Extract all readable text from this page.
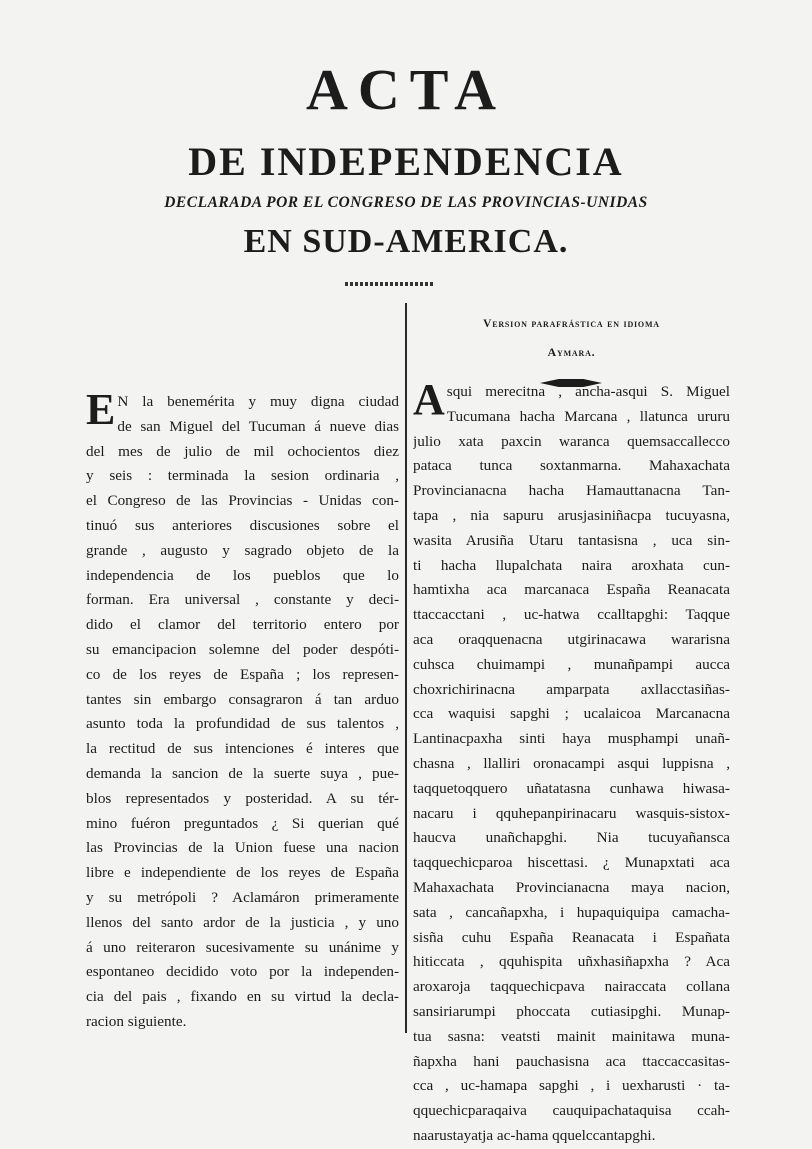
ACTA
DE INDEPENDENCIA
DECLARADA POR EL CONGRESO DE LAS PROVINCIAS-UNIDAS
EN SUD-AMERICA.
E N la benemérita y muy digna ciudad
de san Miguel del Tucuman á nueve dias
del mes de julio de mil ochocientos diez
y seis : terminada la sesion ordinaria ,
el Congreso de las Provincias - Unidas con-
tinuó sus anteriores discusiones sobre el
grande , augusto y sagrado objeto de la
independencia de los pueblos que lo
forman. Era universal , constante y deci-
dido el clamor del territorio entero por
su emancipacion solemne del poder despóti-
co de los reyes de España ; los represen-
tantes sin embargo consagraron á tan arduo
asunto toda la profundidad de sus talentos ,
la rectitud de sus intenciones é interes que
demanda la sancion de la suerte suya , pue-
blos representados y posteridad. A su tér-
mino fuéron preguntados ¿ Si querian qué
las Provincias de la Union fuese una nacion
libre e independiente de los reyes de España
y su metrópoli ? Aclamáron primeramente
llenos del santo ardor de la justicia , y uno
á uno reiteraron sucesivamente su unánime y
espontaneo decidido voto por la independen-
cia del pais , fixando en su virtud la decla-
racion siguiente.
Version parafrástica en idioma
Aymara.
A squi merecitna , ancha-asqui S. Miguel
Tucumana hacha Marcana , llatunca ururu
julio xata paxcin waranca quemsaccallecco
pataca tunca soxtanmarna. Mahaxachata
Provincianacna hacha Hamauttanacna Tan-
tapa , nia sapuru arusjasiniñacpa tucuyasna,
wasita Arusiña Utaru tantasisna , uca sin-
ti hacha llupalchata naira aroxhata cun-
hamtixha aca marcanaca España Reanacata
ttaccacctani , uc-hatwa ccalltapghi: Taqque
aca oraqquenacna utgirinacawa wararisna
cuhsca chuimampi , munañpampi aucca
choxrichirinacna amparpata axllacctasiñas-
cca waquisi sapghi ; ucalaicoa Marcanacna
Lantinacpaxha sinti haya musphampi unañ-
chasna , llalliri oronacampi asqui luppisna ,
taqquetoqquero uñatatasna cunhawa hiwasa-
nacaru i qquhepanpirinacaru wasquis-sistox-
haucva unañchapghi. Nia tucuyañansca
taqquechicparoa hiscettasi. ¿ Munapxtati aca
Mahaxachata Provincianacna maya nacion,
sata , cancañapxha, i hupaquiquipa camacha-
sisña cuhu España Reanacata i Españata
hiticcata , qquhispita uñxhasiñapxha ? Aca
aroxaroja taqquechicpava nairaccata collana
sansiriarumpi phoccata cutiasipghi. Munap-
tua sasna: veatsti mainit mainitawa muna-
ñapxha hani pauchasisna aca ttaccaccasitas-
cca , uc-hamapa sapghi , i uexharusti · ta-
qquechicparaqaiva cauquipachataquisa ccah-
naarustayatja ac-hama qquelccantapghi.
